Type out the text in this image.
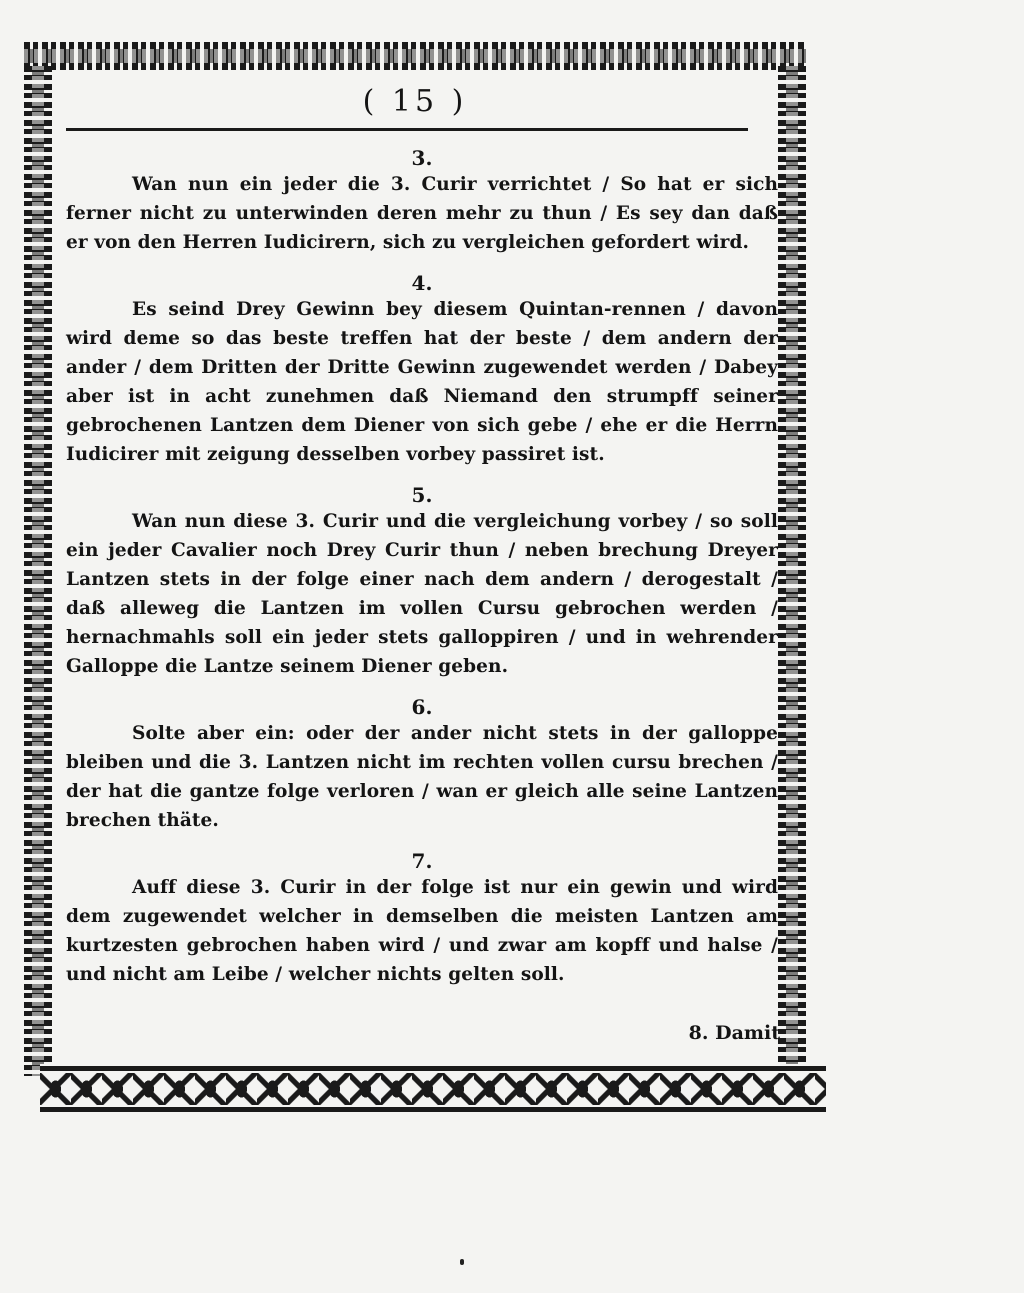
( 15 )

3.

Wan nun ein jeder die 3. Curir verrichtet / So hat er sich ferner nicht zu unterwinden deren mehr zu thun / Es sey dan daß er von den Herren Iudicirern, sich zu vergleichen gefordert wird.

4.

Es seind Drey Gewinn bey diesem Quintan-rennen / davon wird deme so das beste treffen hat der beste / dem andern der ander / dem Dritten der Dritte Gewinn zugewendet werden / Dabey aber ist in acht zunehmen daß Niemand den strumpff seiner gebrochenen Lantzen dem Diener von sich gebe / ehe er die Herrn Iudicirer mit zeigung desselben vorbey passiret ist.

5.

Wan nun diese 3. Curir und die vergleichung vorbey / so soll ein jeder Cavalier noch Drey Curir thun / neben brechung Dreyer Lantzen stets in der folge einer nach dem andern / derogestalt / daß alleweg die Lantzen im vollen Cursu gebrochen werden / hernachmahls soll ein jeder stets galloppiren / und in wehrender Galloppe die Lantze seinem Diener geben.

6.

Solte aber ein: oder der ander nicht stets in der galloppe bleiben und die 3. Lantzen nicht im rechten vollen cursu brechen / der hat die gantze folge verloren / wan er gleich alle seine Lantzen brechen thäte.

7.

Auff diese 3. Curir in der folge ist nur ein gewin und wird dem zugewendet welcher in demselben die meisten Lantzen am kurtzesten gebrochen haben wird / und zwar am kopff und halse / und nicht am Leibe / welcher nichts gelten soll.

8. Damit
